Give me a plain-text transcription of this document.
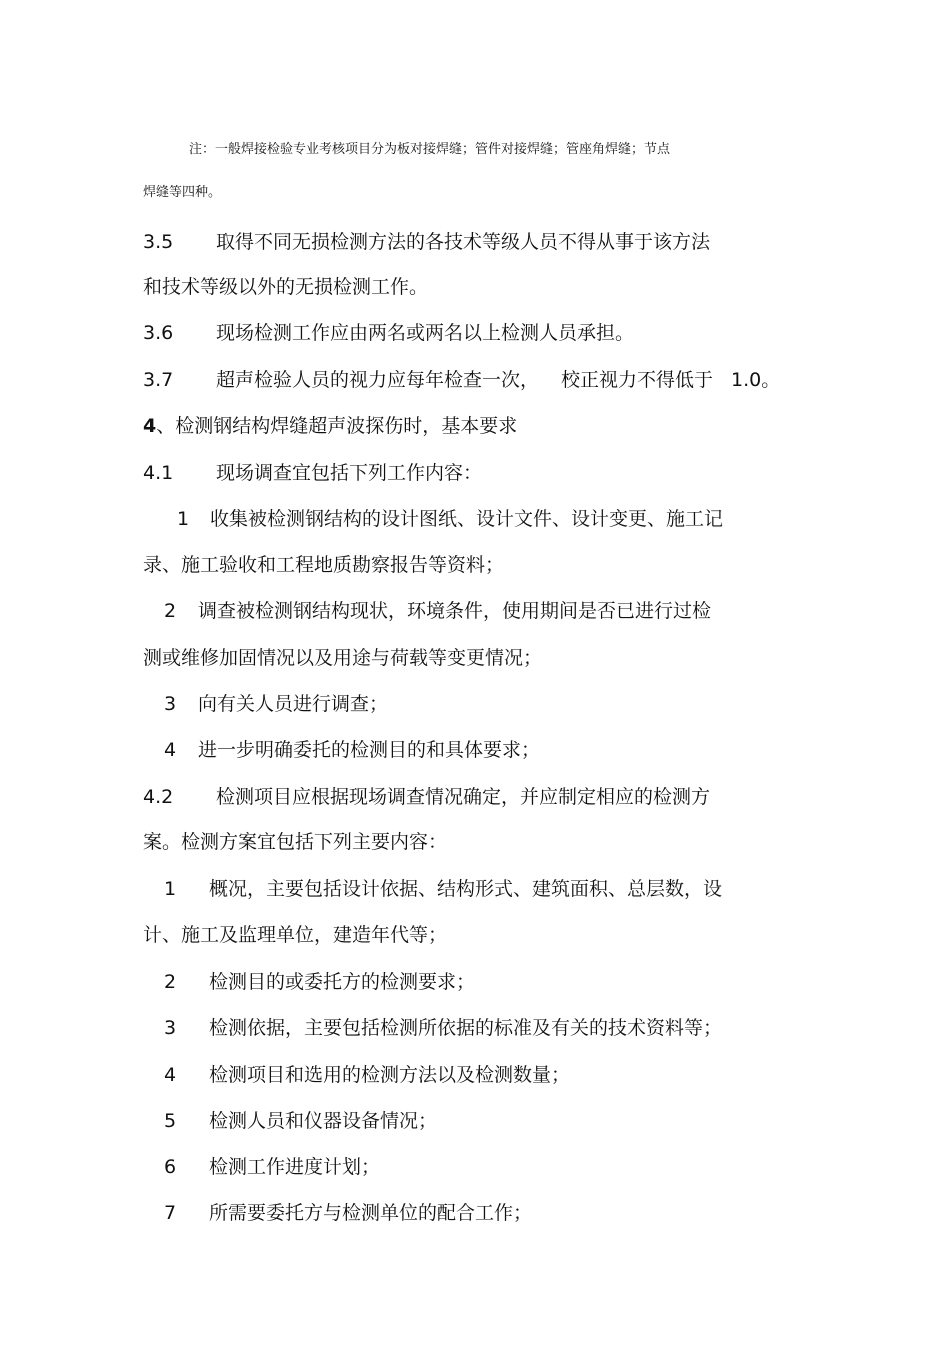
注：一般焊接检验专业考核项目分为板对接焊缝；管件对接焊缝；管座角焊缝；节点
焊缝等四种。
3.5 取得不同无损检测方法的各技术等级人员不得从事于该方法
和技术等级以外的无损检测工作。
3.6 现场检测工作应由两名或两名以上检测人员承担。
3.7 超声检验人员的视力应每年检查一次， 校正视力不得低于 1.0。
4、检测钢结构焊缝超声波探伤时，基本要求
4.1 现场调查宜包括下列工作内容：
1 收集被检测钢结构的设计图纸、设计文件、设计变更、施工记
录、施工验收和工程地质勘察报告等资料；
2 调查被检测钢结构现状，环境条件，使用期间是否已进行过检
测或维修加固情况以及用途与荷载等变更情况；
3 向有关人员进行调查；
4 进一步明确委托的检测目的和具体要求；
4.2 检测项目应根据现场调查情况确定，并应制定相应的检测方
案。检测方案宜包括下列主要内容：
1 概况，主要包括设计依据、结构形式、建筑面积、总层数，设
计、施工及监理单位，建造年代等；
2 检测目的或委托方的检测要求；
3 检测依据，主要包括检测所依据的标准及有关的技术资料等；
4 检测项目和选用的检测方法以及检测数量；
5 检测人员和仪器设备情况；
6 检测工作进度计划；
7 所需要委托方与检测单位的配合工作；
